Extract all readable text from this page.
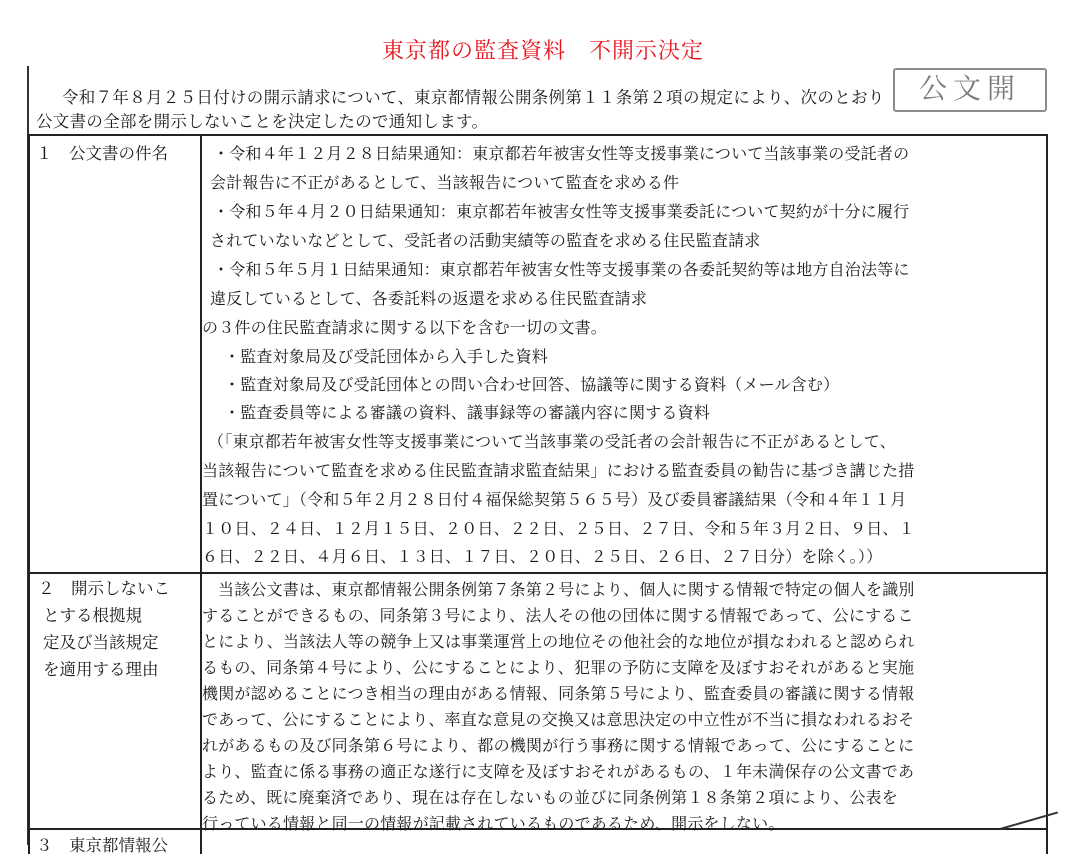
東京都の監査資料　不開示決定
公文開

令和７年８月２５日付けの開示請求について、東京都情報公開条例第１１条第２項の規定により、次のとおり

公文書の全部を開示しないことを決定したので通知します。

１　公文書の件名	・令和４年１２月２８日結果通知：東京都若年被害女性等支援事業について当該事業の受託者の
会計報告に不正があるとして、当該報告について監査を求める件
・令和５年４月２０日結果通知：東京都若年被害女性等支援事業委託について契約が十分に履行
されていないなどとして、受託者の活動実績等の監査を求める住民監査請求
・令和５年５月１日結果通知：東京都若年被害女性等支援事業の各委託契約等は地方自治法等に
違反しているとして、各委託料の返還を求める住民監査請求
の３件の住民監査請求に関する以下を含む一切の文書。
・監査対象局及び受託団体から入手した資料
・監査対象局及び受託団体との問い合わせ回答、協議等に関する資料（メール含む）
・監査委員等による審議の資料、議事録等の審議内容に関する資料
（「東京都若年被害女性等支援事業について当該事業の受託者の会計報告に不正があるとして、
当該報告について監査を求める住民監査請求監査結果」における監査委員の勧告に基づき講じた措
置について」（令和５年２月２８日付４福保総契第５６５号）及び委員審議結果（令和４年１１月
１０日、２４日、１２月１５日、２０日、２２日、２５日、２７日、令和５年３月２日、９日、１
６日、２２日、４月６日、１３日、１７日、２０日、２５日、２６日、２７日分）を除く。））
２　開示しないこ
とする根拠規
定及び当該規定
を適用する理由
当該公文書は、東京都情報公開条例第７条第２号により、個人に関する情報で特定の個人を識別
することができるもの、同条第３号により、法人その他の団体に関する情報であって、公にするこ
とにより、当該法人等の競争上又は事業運営上の地位その他社会的な地位が損なわれると認められ
るもの、同条第４号により、公にすることにより、犯罪の予防に支障を及ぼすおそれがあると実施
機関が認めることにつき相当の理由がある情報、同条第５号により、監査委員の審議に関する情報
であって、公にすることにより、率直な意見の交換又は意思決定の中立性が不当に損なわれるおそ
れがあるもの及び同条第６号により、都の機関が行う事務に関する情報であって、公にすることに
より、監査に係る事務の適正な遂行に支障を及ぼすおそれがあるもの、１年未満保存の公文書であ
るため、既に廃棄済であり、現在は存在しないもの並びに同条例第１８条第２項により、公表を
行っている情報と同一の情報が記載されているものであるため、開示をしない。
３　東京都情報公
